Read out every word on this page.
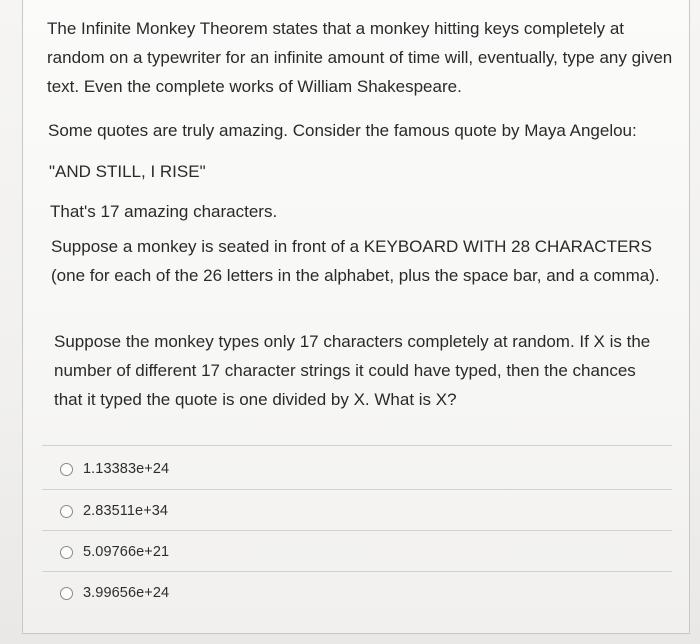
The Infinite Monkey Theorem states that a monkey hitting keys completely at random on a typewriter for an infinite amount of time will, eventually, type any given text. Even the complete works of William Shakespeare.

Some quotes are truly amazing. Consider the famous quote by Maya Angelou:

"AND STILL, I RISE"

That's 17 amazing characters.

Suppose a monkey is seated in front of a KEYBOARD WITH 28 CHARACTERS (one for each of the 26 letters in the alphabet, plus the space bar, and a comma).

Suppose the monkey types only 17 characters completely at random. If X is the number of different 17 character strings it could have typed, then the chances that it typed the quote is one divided by X. What is X?

1.13383e+24
2.83511e+34
5.09766e+21
3.99656e+24
